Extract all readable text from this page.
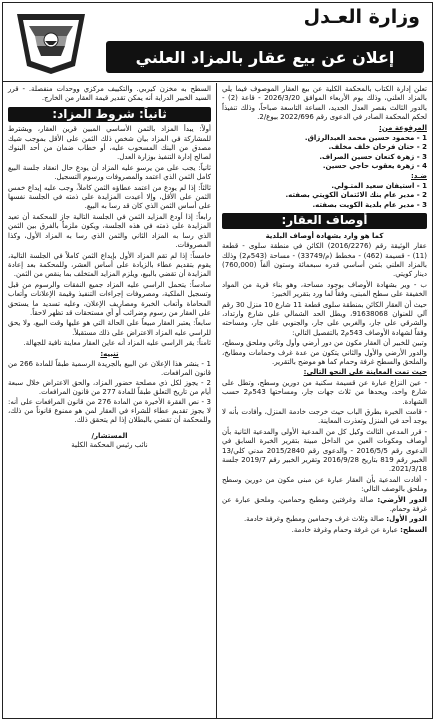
وزارة العـدل
إعلان عن بيع عقار بالمزاد العلني

تعلن إدارة الكتاب بالمحكمة الكلية عن بيع العقار الموصوف فيما يلي بالمزاد العلني، وذلك يوم الأربعاء الموافق 2026/3/20 - قاعة (2) - بالدور الثالث بقصر العدل الجديد، الساعة التاسعة صباحاً، وذلك تنفيذاً لحكم المحكمة الصادر في الدعوى رقم 2022/696 بيوع/2.

المرفوعة من:

1 - محمود حسين محمد العبدالرزاق.
2 - حنان فرحان خلف مخلف.
3 - زهرة كنعان حسين الصراف.
4 - زهرة يعقوب حاجي حسين.

ضـد:

1 - استيفان سعيد المتـولي.
2 - مدير عام بنك الائتمان الكويتي بصفته.
3 - مدير عام بلدية الكويت بصفته.
أوصاف العقار:

كما هو وارد بشهادة أوصاف البلدية

عقار الوثيقة رقم (2016/2276) الكائن في منطقة سلوى - قطعة (11) - قسيمة (462) - مخطط (م/33749) - مساحة (543م2) وذلك بالمزاد العلني بثمن أساسي قدره سبعمائة وستون ألفاً (760,000) دينار كويتي.

ب - وير بشهادة الأوصاف بوجود مساحة، وهو بناء قرية من المواد الخفيفة على سطح المبنى، وفقاً لما ورد بتقرير الخبير:

حيث أن العقار الكائن بمنطقة سلوى قطعة 11 شارع 10 منزل 30 رقم آلي للعنوان 91638068، ويطل الحد الشمالي على شارع وارتداد، والشرقي على جار، والغربي على جار، والجنوبي على جار، ومساحته وفقاً لشهادة الأوصاف 543م2 بالتفصيل التالي:

وتبين للخبير أن العقار مكون من دور أرضي وأول وثاني وملحق وسطح، والدور الأرضي والأول والثاني يتكون من عدة غرف وحمامات ومطابخ، والملحق والسطح غرفة وحمام كما هو موضح بالتقرير.

حيث تمت المعاينة على النحو التالي:

- عين النزاع عبارة عن قسيمة سكنية من دورين وسطح، وتطل على شارع واحد، ويحدها من ثلاث جهات جار، ومساحتها 543م2 حسب الشهادة.

- قامت الخبرة بطرق الباب حيث خرجت خادمة المنزل، وأفادت بأنه لا يوجد أحد في المنزل وتعذرت المعاينة.

- قرر المدعي الثالث وكيل كل من المدعية الأولى والمدعية الثانية بأن أوصاف ومكونات العين من الداخل مبينة بتقرير الخبرة السابق في الدعوى رقم 2016/5/5 - والدعوى رقم 2015/2840 مدني كلي/13 الخبير رقم 819 بتاريخ 2016/9/28 وتقرير الخبير رقم 2019/7 جلسة 2021/3/18.

- أفادت المدعية بأن العقار عبارة عن مبنى مكون من دورين وسطح وملحق بالوصف التالي:

الدور الأرضي: صالة وغرفتين ومطبخ وحمامين، وملحق عبارة عن غرفة وحمام.

الدور الأول: صالة وثلاث غرف وحمامين ومطبخ وغرفة خادمة.

السطح: عبارة عن غرفة وحمام وغرفة خادمة.

السطح به مخزن كيربي. والتكييف مركزي ووحدات منفصلة. - قرر السيد الخبير الدراية أنه يمكن تقدير قيمة العقار من الخارج.

ثانياً: شروط المزاد:

أولاً: يبدأ المزاد بالثمن الأساسي المبين قرين العقار، ويشترط للمشاركة في المزاد بيان شخص ذلك الثمن على الأقل بموجب شيك مصدق من البنك المسحوب عليه، أو خطاب ضمان من أحد البنوك لصالح إدارة التنفيذ بوزارة العدل.

ثانياً: يجب على من يرسو عليه المزاد أن يودع حال انعقاد جلسة البيع كامل الثمن الذي اعتمد والمصروفات ورسوم التسجيل.

ثالثاً: إذا لم يودع من اعتمد عطاؤه الثمن كاملاً، وجب عليه إيداع خمس الثمن على الأقل، وإلا أعيدت المزايدة على ذمته في الجلسة نفسها على أساس الثمن الذي كان قد رسا به البيع.

رابعاً: إذا أودع المزايد الثمن في الجلسة التالية جاز للمحكمة أن تعيد المزايدة على ذمته في هذه الجلسة، ويكون ملزماً بالفرق بين الثمن الذي رسا به المزاد الثاني والثمن الذي رسا به المزاد الأول، وكذا المصروفات.

خامساً: إذا لم تقم المزاد الأول بإيداع الثمن كاملاً في الجلسة التالية، يقوم بتقديم عطاء بالزيادة على أساس العشر، وللمحكمة بعد إعادة المزايدة أن تقضي بالبيع، ويلزم المزايد المتخلف بما ينقص من الثمن.

سادساً: يتحمل الراسي عليه المزاد جميع النفقات والرسوم من قبل وتسجيل الملكية، ومصروفات إجراءات التنفيذ وقيمة الإعلانات وأتعاب المحاماة وأتعاب الخبرة ومصاريف الإعلان، وعليه تسديد ما يستحق على العقار من رسوم وضرائب أو أي مستحقات قد تظهر لاحقاً.

سابعاً: يعتبر العقار مبيعاً على الحالة التي هو عليها وقت البيع، ولا يحق للراسي عليه المزاد الاعتراض على ذلك مستقبلاً.

ثامناً: يقر الراسي عليه المزاد أنه عاين العقار معاينة نافية للجهالة.

تنبيه:

1 - ينشر هذا الإعلان عن البيع بالجريدة الرسمية طبقاً للمادة 266 من قانون المرافعات.
2 - يجوز لكل ذي مصلحة حضور المزاد، والحق الاعتراض خلال سبعة أيام من تاريخ التعلق طبقاً للمادة 277 من قانون المرافعات.
3 - نص الفقرة الأخيرة من المادة 276 من قانون المرافعات على أنه: لا يجوز تقديم عطاء للشراء في العقار لمن هو ممنوع قانوناً من ذلك، وللمحكمة أن تقضي بالبطلان إذا لم يتحقق ذلك.
المستشار/
نائب رئيس المحكمة الكلية
